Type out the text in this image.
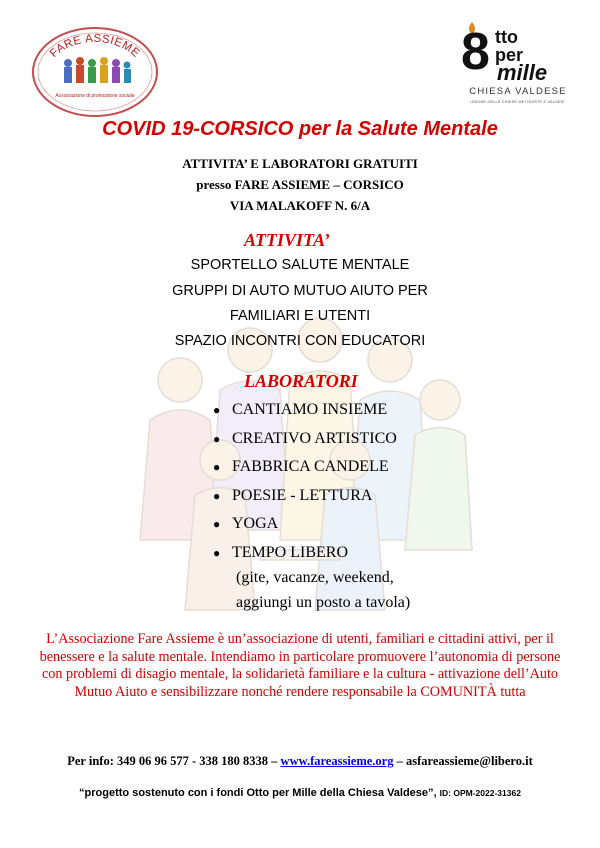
FARE ASSIEME
Associazione di promozione sociale
8 tto
per
mille
CHIESA VALDESE
UNIONE DELLE CHIESE METODISTE E VALDESI
COVID 19-CORSICO per la Salute Mentale
ATTIVITA’ E LABORATORI GRATUITI
presso FARE ASSIEME – CORSICO
VIA MALAKOFF N. 6/A
ATTIVITA’
SPORTELLO SALUTE MENTALE
GRUPPI DI AUTO MUTUO AIUTO PER
FAMILIARI E UTENTI
SPAZIO INCONTRI CON EDUCATORI
LABORATORI
● CANTIAMO INSIEME
● CREATIVO ARTISTICO
● FABBRICA CANDELE
● POESIE - LETTURA
● YOGA
● TEMPO LIBERO
(gite, vacanze, weekend,
aggiungi un posto a tavola)
L’Associazione Fare Assieme è un’associazione di utenti, familiari e cittadini attivi, per il benessere e la salute mentale. Intendiamo in particolare promuovere l’autonomia di persone con problemi di disagio mentale, la solidarietà familiare e la cultura - attivazione dell’Auto Mutuo Aiuto e sensibilizzare nonché rendere responsabile la COMUNITÀ tutta
Per info: 349 06 96 577 - 338 180 8338 – www.fareassieme.org – asfareassieme@libero.it
“progetto sostenuto con i fondi Otto per Mille della Chiesa Valdese”, ID: OPM-2022-31362
